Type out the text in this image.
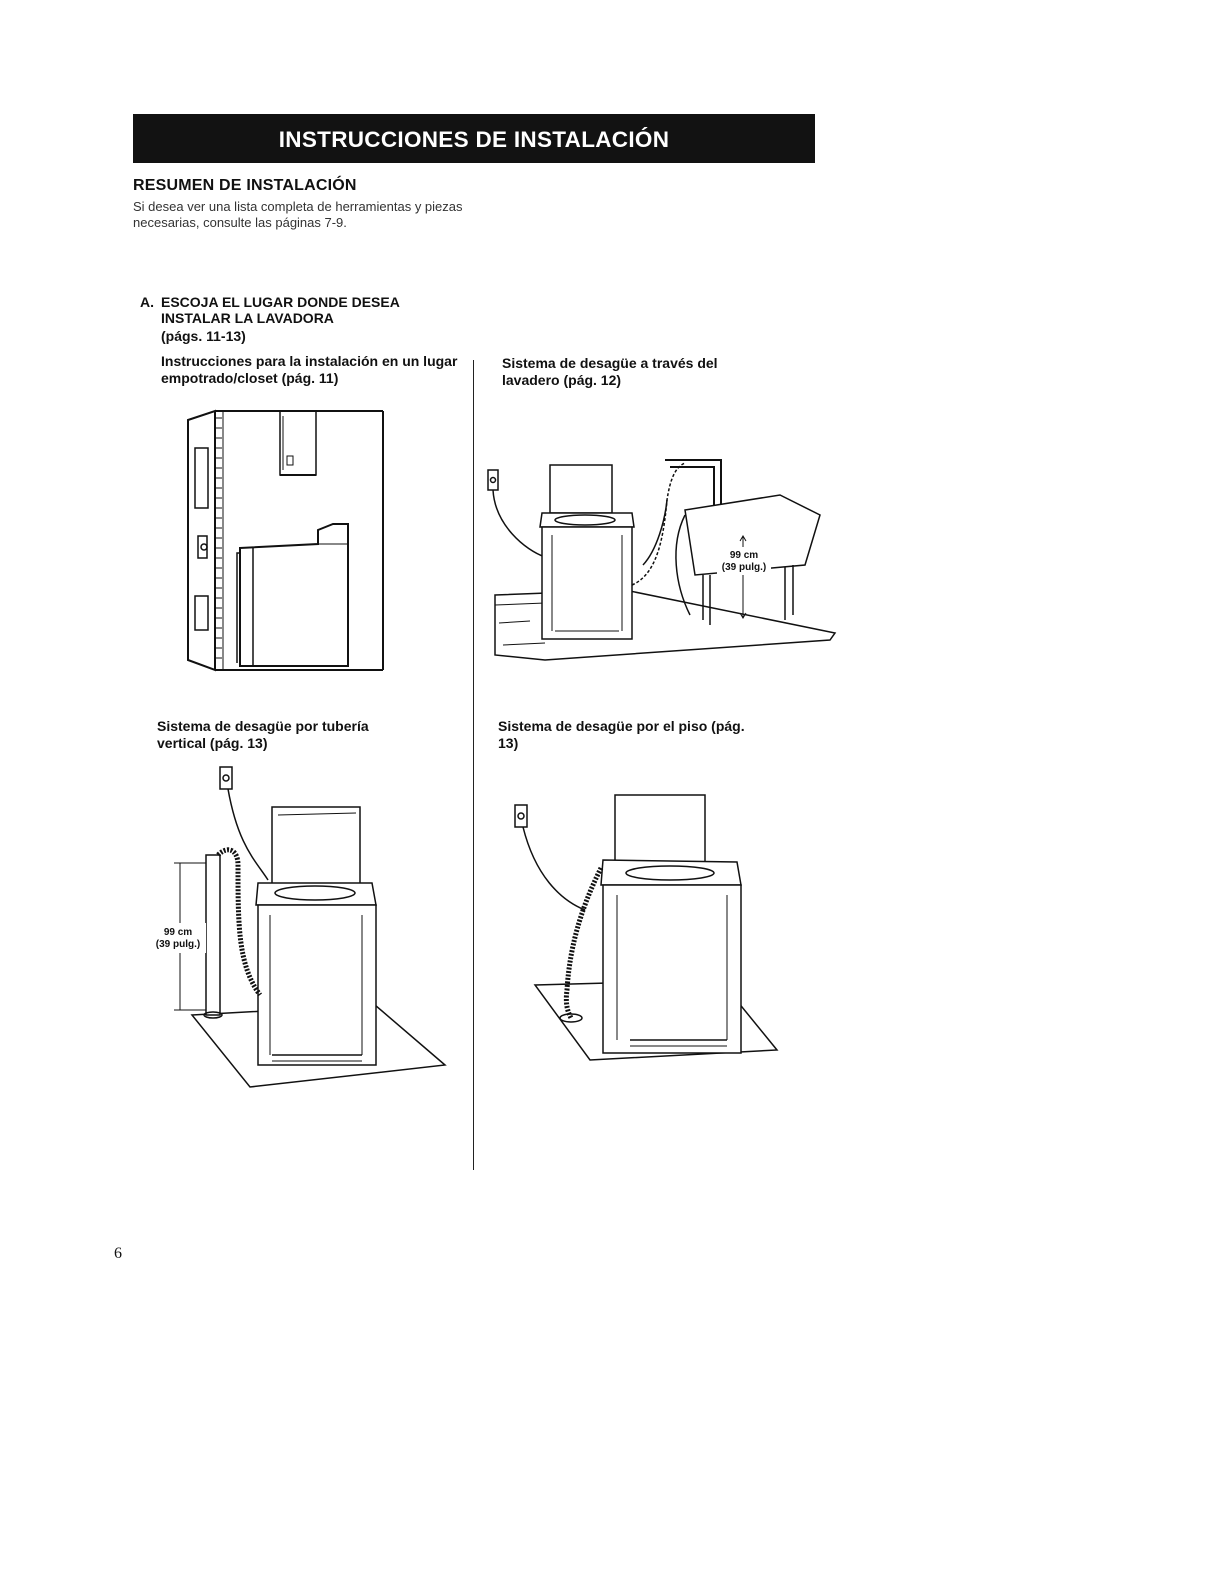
INSTRUCCIONES DE INSTALACIÓN
RESUMEN DE INSTALACIÓN
Si desea ver una lista completa de herramientas y piezas necesarias, consulte las páginas 7-9.
A. ESCOJA EL LUGAR DONDE DESEA INSTALAR LA LAVADORA
(págs. 11-13)
Instrucciones para la instalación en un lugar empotrado/closet (pág. 11)
Sistema de desagüe a través del lavadero (pág. 12)
Sistema de desagüe por tubería vertical (pág. 13)
Sistema de desagüe por el piso (pág. 13)
99 cm
(39 pulg.)
99 cm
(39 pulg.)
6
